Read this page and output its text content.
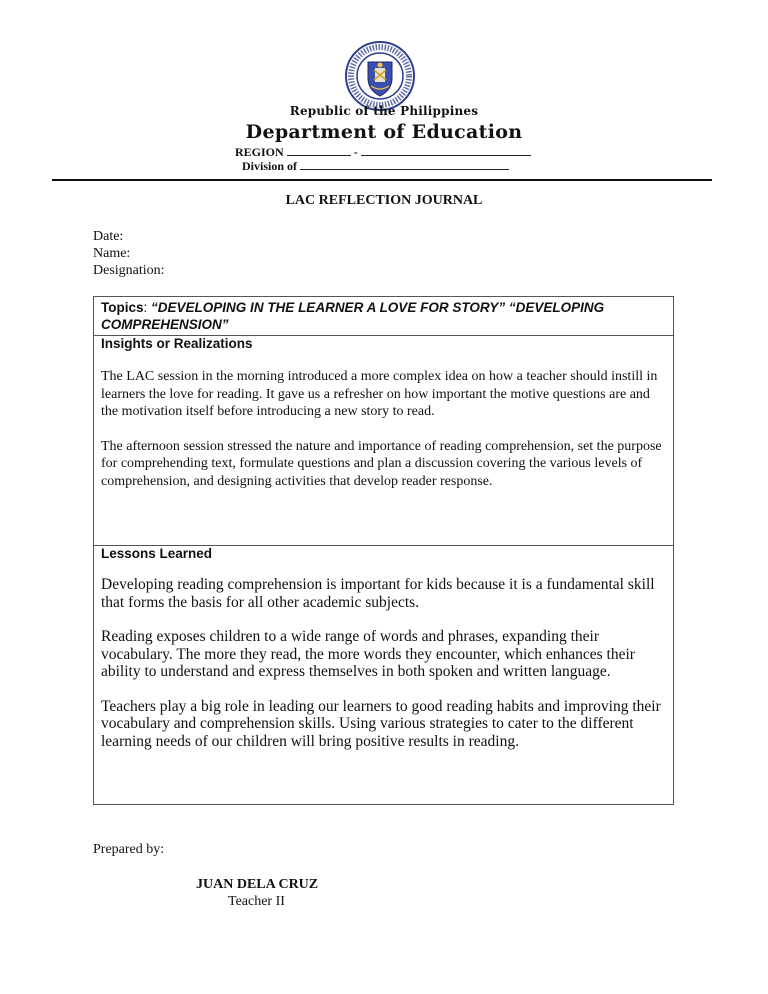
Republic of the Philippines
Department of Education
REGION	-
Division of
LAC REFLECTION JOURNAL
Date:
Name:
Designation:
Topics: “DEVELOPING IN THE LEARNER A LOVE FOR STORY” “DEVELOPING COMPREHENSION”
Insights or Realizations

The LAC session in the morning introduced a more complex idea on how a teacher should instill in learners the love for reading. It gave us a refresher on how important the motive questions are and the motivation itself before introducing a new story to read.

The afternoon session stressed the nature and importance of reading comprehension, set the purpose for comprehending text, formulate questions and plan a discussion covering the various levels of comprehension, and designing activities that develop reader response.

Lessons Learned

Developing reading comprehension is important for kids because it is a fundamental skill that forms the basis for all other academic subjects.

Reading exposes children to a wide range of words and phrases, expanding their vocabulary. The more they read, the more words they encounter, which enhances their ability to understand and express themselves in both spoken and written language.

Teachers play a big role in leading our learners to good reading habits and improving their vocabulary and comprehension skills. Using various strategies to cater to the different learning needs of our children will bring positive results in reading.

Prepared by:
JUAN DELA CRUZ
Teacher II
